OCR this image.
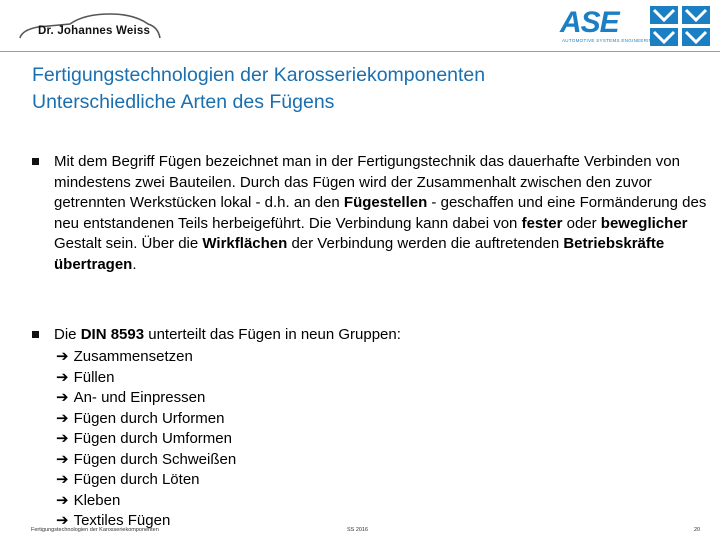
Dr. Johannes Weiss	ASE
AUTOMOTIVE SYSTEMS ENGINEERING
Fertigungstechnologien der Karosseriekomponenten
Unterschiedliche Arten des Fügens
Mit dem Begriff Fügen bezeichnet man in der Fertigungstechnik das dauerhafte Verbinden von mindestens zwei Bauteilen. Durch das Fügen wird der Zusammenhalt zwischen den zuvor getrennten Werkstücken lokal - d.h. an den Fügestellen - geschaffen und eine Formänderung des neu entstandenen Teils herbeigeführt. Die Verbindung kann dabei von fester oder beweglicher Gestalt sein. Über die Wirkflächen der Verbindung werden die auftretenden Betriebskräfte übertragen.
Die DIN 8593 unterteilt das Fügen in neun Gruppen:
➔ Zusammensetzen
➔ Füllen
➔ An- und Einpressen
➔ Fügen durch Urformen
➔ Fügen durch Umformen
➔ Fügen durch Schweißen
➔ Fügen durch Löten
➔ Kleben
➔ Textiles Fügen
Fertigungstechnologien der Karosseriekomponenten	SS 2016	20
